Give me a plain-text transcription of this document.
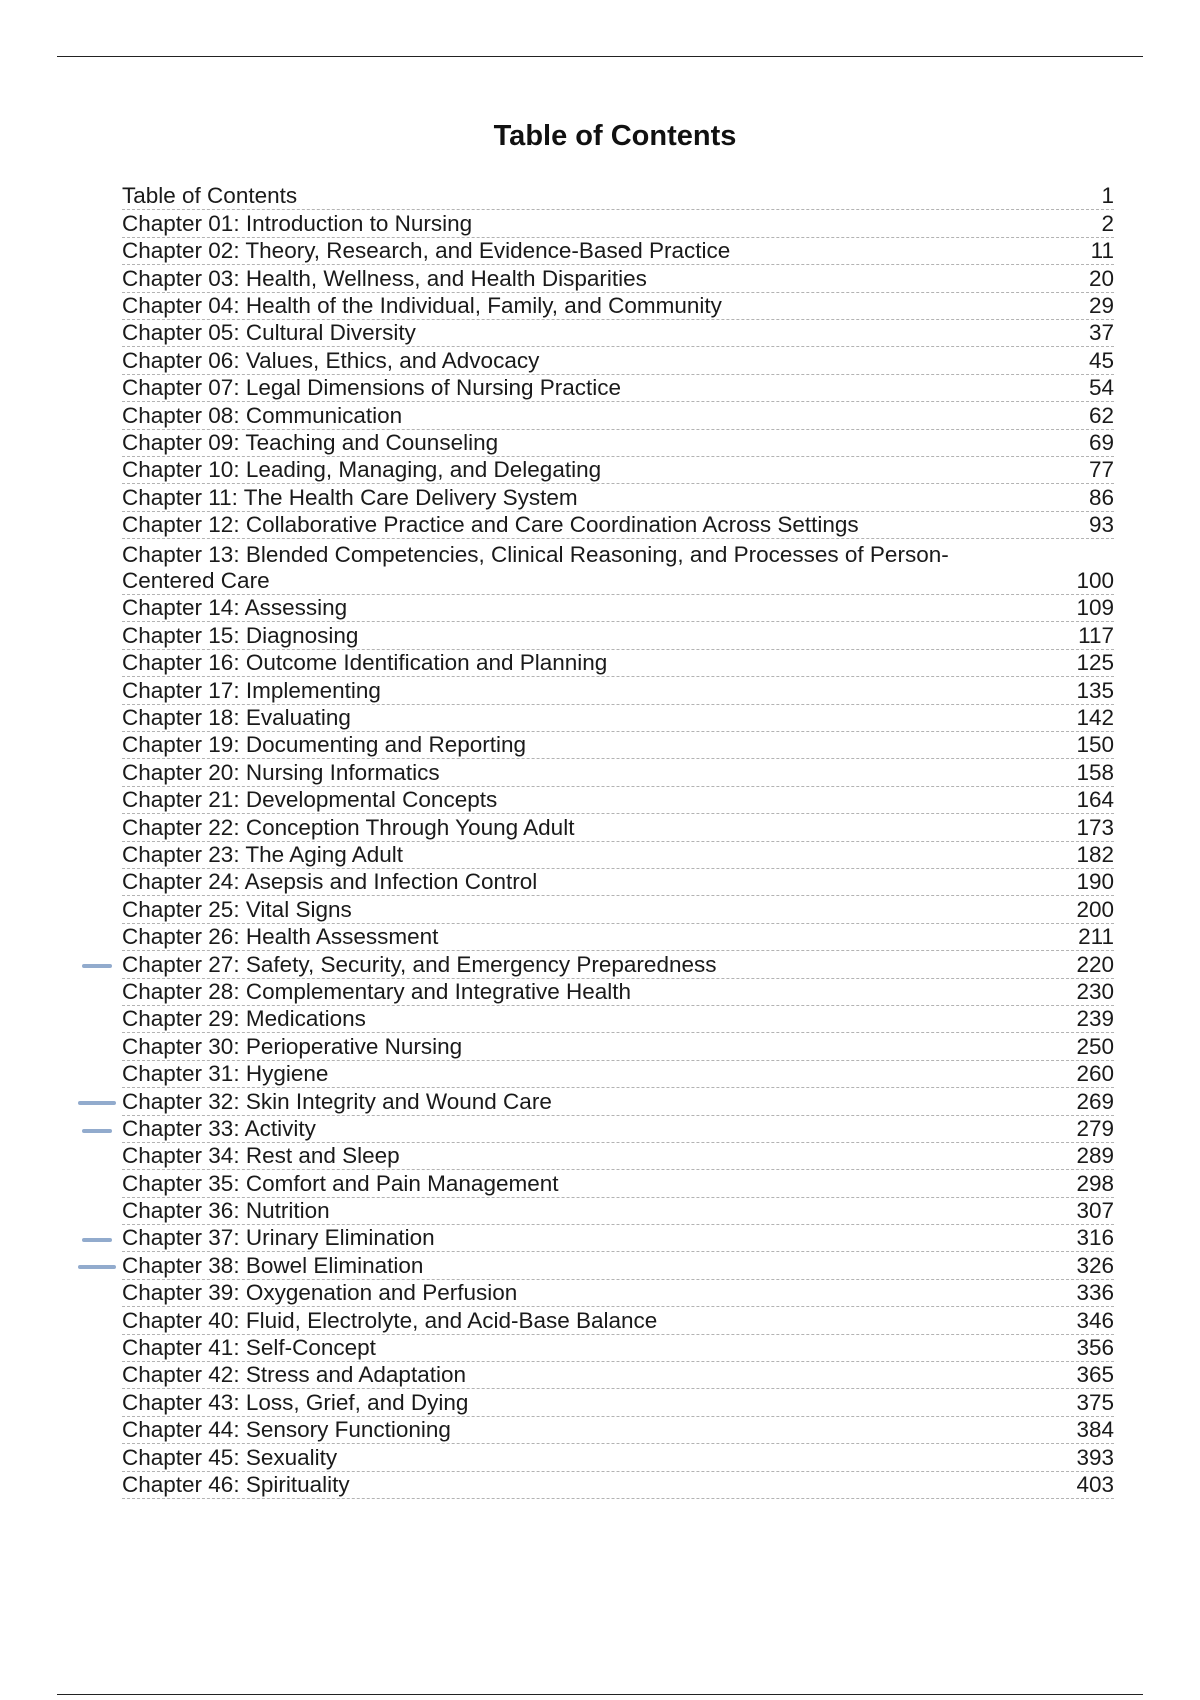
Table of Contents
Table of Contents	1
Chapter 01: Introduction to Nursing	2
Chapter 02: Theory, Research, and Evidence-Based Practice	11
Chapter 03: Health, Wellness, and Health Disparities	20
Chapter 04: Health of the Individual, Family, and Community	29
Chapter 05: Cultural Diversity	37
Chapter 06: Values, Ethics, and Advocacy	45
Chapter 07: Legal Dimensions of Nursing Practice	54
Chapter 08: Communication	62
Chapter 09: Teaching and Counseling	69
Chapter 10: Leading, Managing, and Delegating	77
Chapter 11: The Health Care Delivery System	86
Chapter 12: Collaborative Practice and Care Coordination Across Settings	93
Chapter 13: Blended Competencies, Clinical Reasoning, and Processes of Person-Centered Care	100
Chapter 14: Assessing	109
Chapter 15: Diagnosing	117
Chapter 16: Outcome Identification and Planning	125
Chapter 17: Implementing	135
Chapter 18: Evaluating	142
Chapter 19: Documenting and Reporting	150
Chapter 20: Nursing Informatics	158
Chapter 21: Developmental Concepts	164
Chapter 22: Conception Through Young Adult	173
Chapter 23: The Aging Adult	182
Chapter 24: Asepsis and Infection Control	190
Chapter 25: Vital Signs	200
Chapter 26: Health Assessment	211
Chapter 27: Safety, Security, and Emergency Preparedness	220
Chapter 28: Complementary and Integrative Health	230
Chapter 29: Medications	239
Chapter 30: Perioperative Nursing	250
Chapter 31: Hygiene	260
Chapter 32: Skin Integrity and Wound Care	269
Chapter 33: Activity	279
Chapter 34: Rest and Sleep	289
Chapter 35: Comfort and Pain Management	298
Chapter 36: Nutrition	307
Chapter 37: Urinary Elimination	316
Chapter 38: Bowel Elimination	326
Chapter 39: Oxygenation and Perfusion	336
Chapter 40: Fluid, Electrolyte, and Acid-Base Balance	346
Chapter 41: Self-Concept	356
Chapter 42: Stress and Adaptation	365
Chapter 43: Loss, Grief, and Dying	375
Chapter 44: Sensory Functioning	384
Chapter 45: Sexuality	393
Chapter 46: Spirituality	403
